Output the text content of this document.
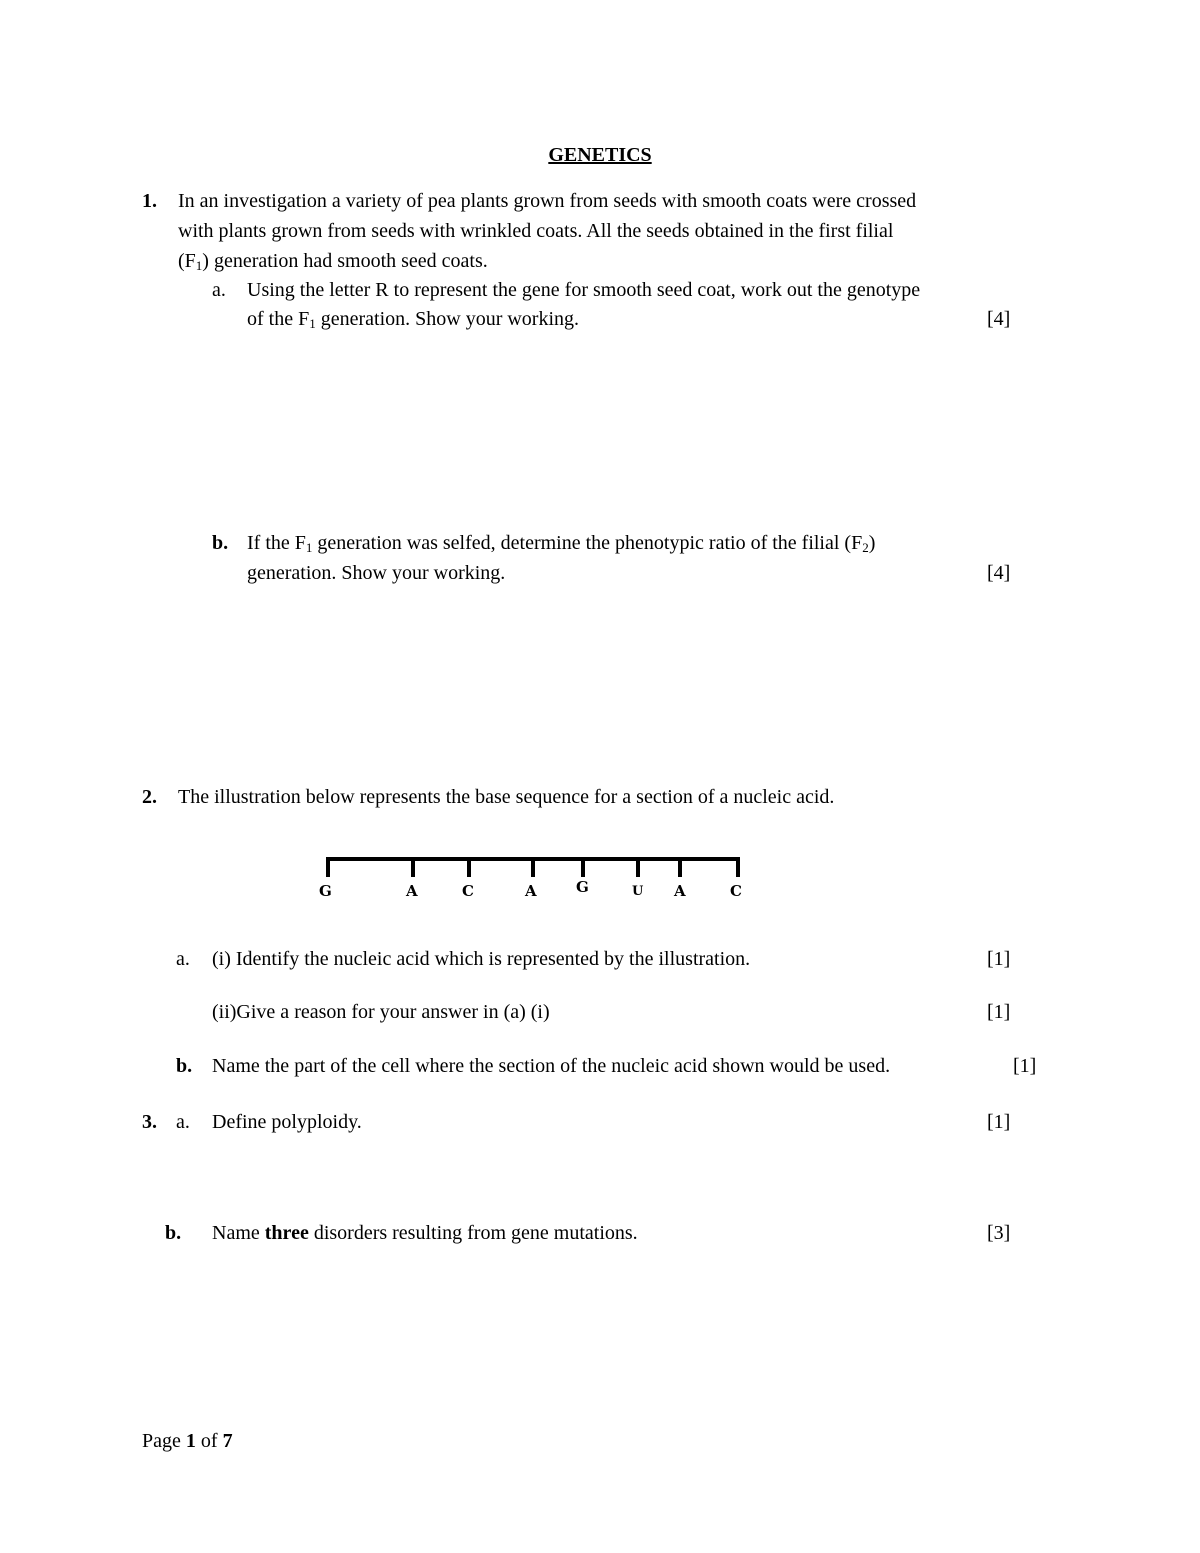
GENETICS
1. In an investigation a variety of pea plants grown from seeds with smooth coats were crossed
with plants grown from seeds with wrinkled coats. All the seeds obtained in the first filial
$(F_1)$ generation had smooth seed coats.
a. Using the letter R to represent the gene for smooth seed coat, work out the genotype
of the $F_1$ generation. Show your working.	[4]
b. If the $F_1$ generation was selfed, determine the phenotypic ratio of the filial $(F_2)$
generation. Show your working.	[4]
2. The illustration below represents the base sequence for a section of a nucleic acid.
G	A	C	A	G	U A	C
a. (i) Identify the nucleic acid which is represented by the illustration.	[1]
(ii)Give a reason for your answer in (a) (i)	[1]
b. Name the part of the cell where the section of the nucleic acid shown would be used.	[1]
3. a. Define polyploidy.	[1]
b. Name three disorders resulting from gene mutations.	[3]
Page 1 of 7
